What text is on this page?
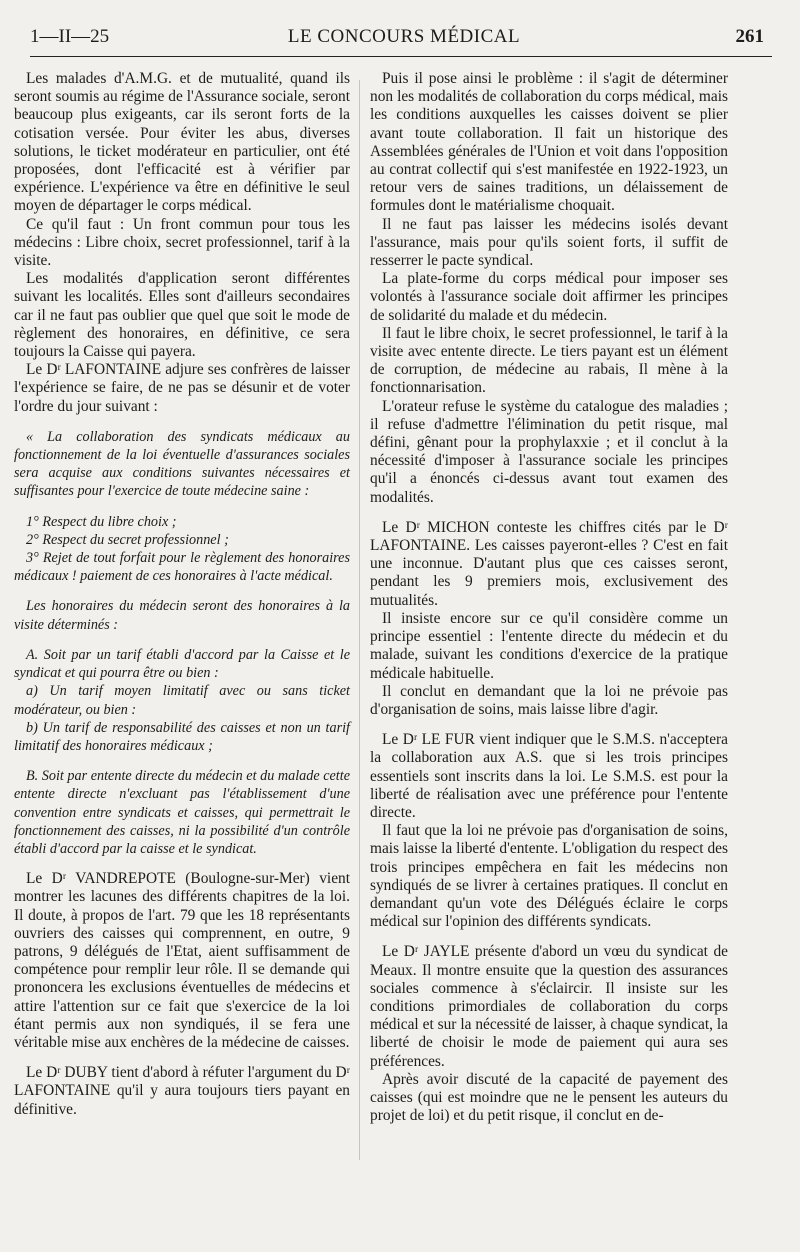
1—II—25	LE CONCOURS MÉDICAL	261

Les malades d'A.M.G. et de mutualité, quand ils seront soumis au régime de l'Assurance sociale, seront beaucoup plus exigeants, car ils seront forts de la cotisation versée. Pour éviter les abus, diverses solutions, le ticket modérateur en particulier, ont été proposées, dont l'efficacité est à vérifier par expérience. L'expérience va être en définitive le seul moyen de départager le corps médical.

Ce qu'il faut : Un front commun pour tous les médecins : Libre choix, secret professionnel, tarif à la visite.

Les modalités d'application seront différentes suivant les localités. Elles sont d'ailleurs secondaires car il ne faut pas oublier que quel que soit le mode de règlement des honoraires, en définitive, ce sera toujours la Caisse qui payera.

Le Dʳ LAFONTAINE adjure ses confrères de laisser l'expérience se faire, de ne pas se désunir et de voter l'ordre du jour suivant :

« La collaboration des syndicats médicaux au fonctionnement de la loi éventuelle d'assurances sociales sera acquise aux conditions suivantes nécessaires et suffisantes pour l'exercice de toute médecine saine :

1° Respect du libre choix ;

2° Respect du secret professionnel ;

3° Rejet de tout forfait pour le règlement des honoraires médicaux ! paiement de ces honoraires à l'acte médical.

Les honoraires du médecin seront des honoraires à la visite déterminés :

A. Soit par un tarif établi d'accord par la Caisse et le syndicat et qui pourra être ou bien :

a) Un tarif moyen limitatif avec ou sans ticket modérateur, ou bien :

b) Un tarif de responsabilité des caisses et non un tarif limitatif des honoraires médicaux ;

B. Soit par entente directe du médecin et du malade cette entente directe n'excluant pas l'établissement d'une convention entre syndicats et caisses, qui permettrait le fonctionnement des caisses, ni la possibilité d'un contrôle établi d'accord par la caisse et le syndicat.

Le Dʳ VANDREPOTE (Boulogne-sur-Mer) vient montrer les lacunes des différents chapitres de la loi. Il doute, à propos de l'art. 79 que les 18 représentants ouvriers des caisses qui comprennent, en outre, 9 patrons, 9 délégués de l'Etat, aient suffisamment de compétence pour remplir leur rôle. Il se demande qui prononcera les exclusions éventuelles de médecins et attire l'attention sur ce fait que s'exercice de la loi étant permis aux non syndiqués, il se fera une véritable mise aux enchères de la médecine de caisses.

Le Dʳ DUBY tient d'abord à réfuter l'argument du Dʳ LAFONTAINE qu'il y aura toujours tiers payant en définitive.

Puis il pose ainsi le problème : il s'agit de déterminer non les modalités de collaboration du corps médical, mais les conditions auxquelles les caisses doivent se plier avant toute collaboration. Il fait un historique des Assemblées générales de l'Union et voit dans l'opposition au contrat collectif qui s'est manifestée en 1922-1923, un retour vers de saines traditions, un délaissement de formules dont le matérialisme choquait.

Il ne faut pas laisser les médecins isolés devant l'assurance, mais pour qu'ils soient forts, il suffit de resserrer le pacte syndical.

La plate-forme du corps médical pour imposer ses volontés à l'assurance sociale doit affirmer les principes de solidarité du malade et du médecin.

Il faut le libre choix, le secret professionnel, le tarif à la visite avec entente directe. Le tiers payant est un élément de corruption, de médecine au rabais, Il mène à la fonctionnarisation.

L'orateur refuse le système du catalogue des maladies ; il refuse d'admettre l'élimination du petit risque, mal défini, gênant pour la prophylaxxie ; et il conclut à la nécessité d'imposer à l'assurance sociale les principes qu'il a énoncés ci-dessus avant tout examen des modalités.

Le Dʳ MICHON conteste les chiffres cités par le Dʳ LAFONTAINE. Les caisses payeront-elles ? C'est en fait une inconnue. D'autant plus que ces caisses seront, pendant les 9 premiers mois, exclusivement des mutualités.

Il insiste encore sur ce qu'il considère comme un principe essentiel : l'entente directe du médecin et du malade, suivant les conditions d'exercice de la pratique médicale habituelle.

Il conclut en demandant que la loi ne prévoie pas d'organisation de soins, mais laisse libre d'agir.

Le Dʳ LE FUR vient indiquer que le S.M.S. n'acceptera la collaboration aux A.S. que si les trois principes essentiels sont inscrits dans la loi. Le S.M.S. est pour la liberté de réalisation avec une préférence pour l'entente directe.

Il faut que la loi ne prévoie pas d'organisation de soins, mais laisse la liberté d'entente. L'obligation du respect des trois principes empêchera en fait les médecins non syndiqués de se livrer à certaines pratiques. Il conclut en demandant qu'un vote des Délégués éclaire le corps médical sur l'opinion des différents syndicats.

Le Dʳ JAYLE présente d'abord un vœu du syndicat de Meaux. Il montre ensuite que la question des assurances sociales commence à s'éclaircir. Il insiste sur les conditions primordiales de collaboration du corps médical et sur la nécessité de laisser, à chaque syndicat, la liberté de choisir le mode de paiement qui aura ses préférences.

Après avoir discuté de la capacité de payement des caisses (qui est moindre que ne le pensent les auteurs du projet de loi) et du petit risque, il conclut en de-
